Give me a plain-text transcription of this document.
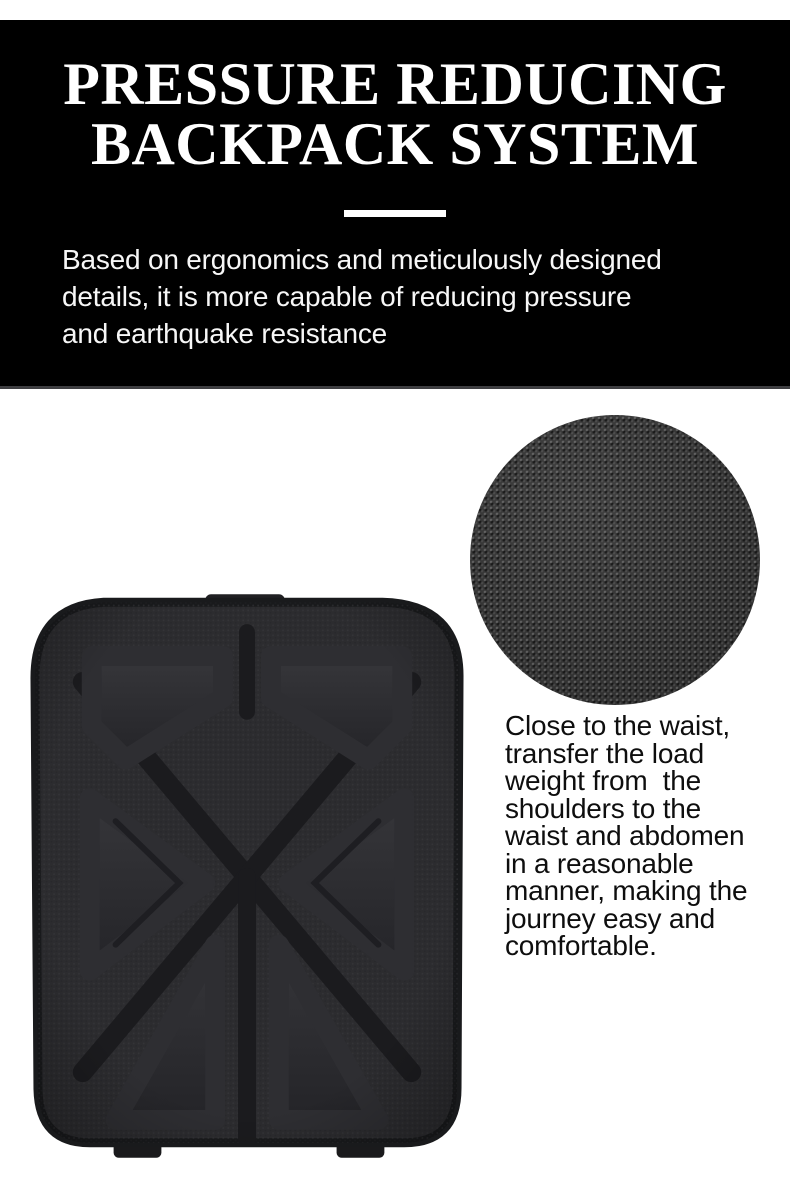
PRESSURE REDUCING
BACKPACK SYSTEM
Based on ergonomics and meticulously designed
details, it is more capable of reducing pressure
and earthquake resistance
Close to the waist,
transfer the load
weight from  the
shoulders to the
waist and abdomen
in a reasonable
manner, making the
journey easy and
comfortable.
